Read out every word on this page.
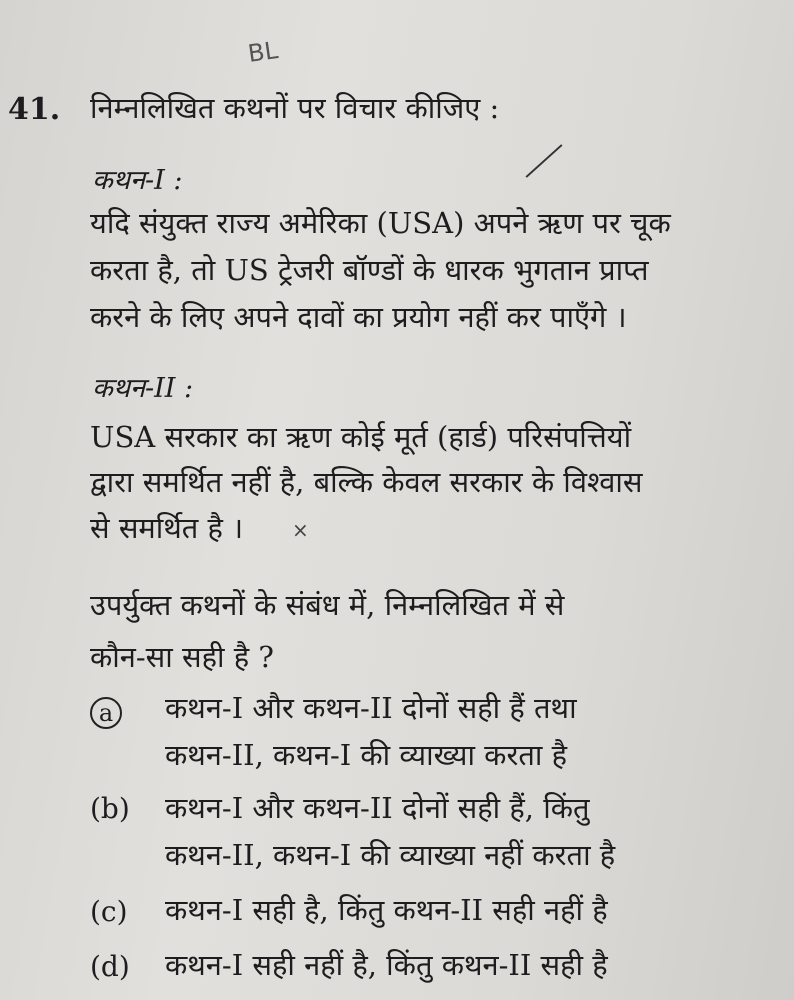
BL
41. निम्नलिखित कथनों पर विचार कीजिए :
कथन-I :
यदि संयुक्त राज्य अमेरिका (USA) अपने ऋण पर चूक
करता है, तो US ट्रेजरी बॉण्डों के धारक भुगतान प्राप्त
करने के लिए अपने दावों का प्रयोग नहीं कर पाएँगे ।
कथन-II :
USA सरकार का ऋण कोई मूर्त (हार्ड) परिसंपत्तियों
द्वारा समर्थित नहीं है, बल्कि केवल सरकार के विश्वास
से समर्थित है । ×
उपर्युक्त कथनों के संबंध में, निम्नलिखित में से
कौन-सा सही है ?
a	कथन-I और कथन-II दोनों सही हैं तथा
कथन-II, कथन-I की व्याख्या करता है
(b) कथन-I और कथन-II दोनों सही हैं, किंतु
कथन-II, कथन-I की व्याख्या नहीं करता है
(c) कथन-I सही है, किंतु कथन-II सही नहीं है
(d) कथन-I सही नहीं है, किंतु कथन-II सही है
